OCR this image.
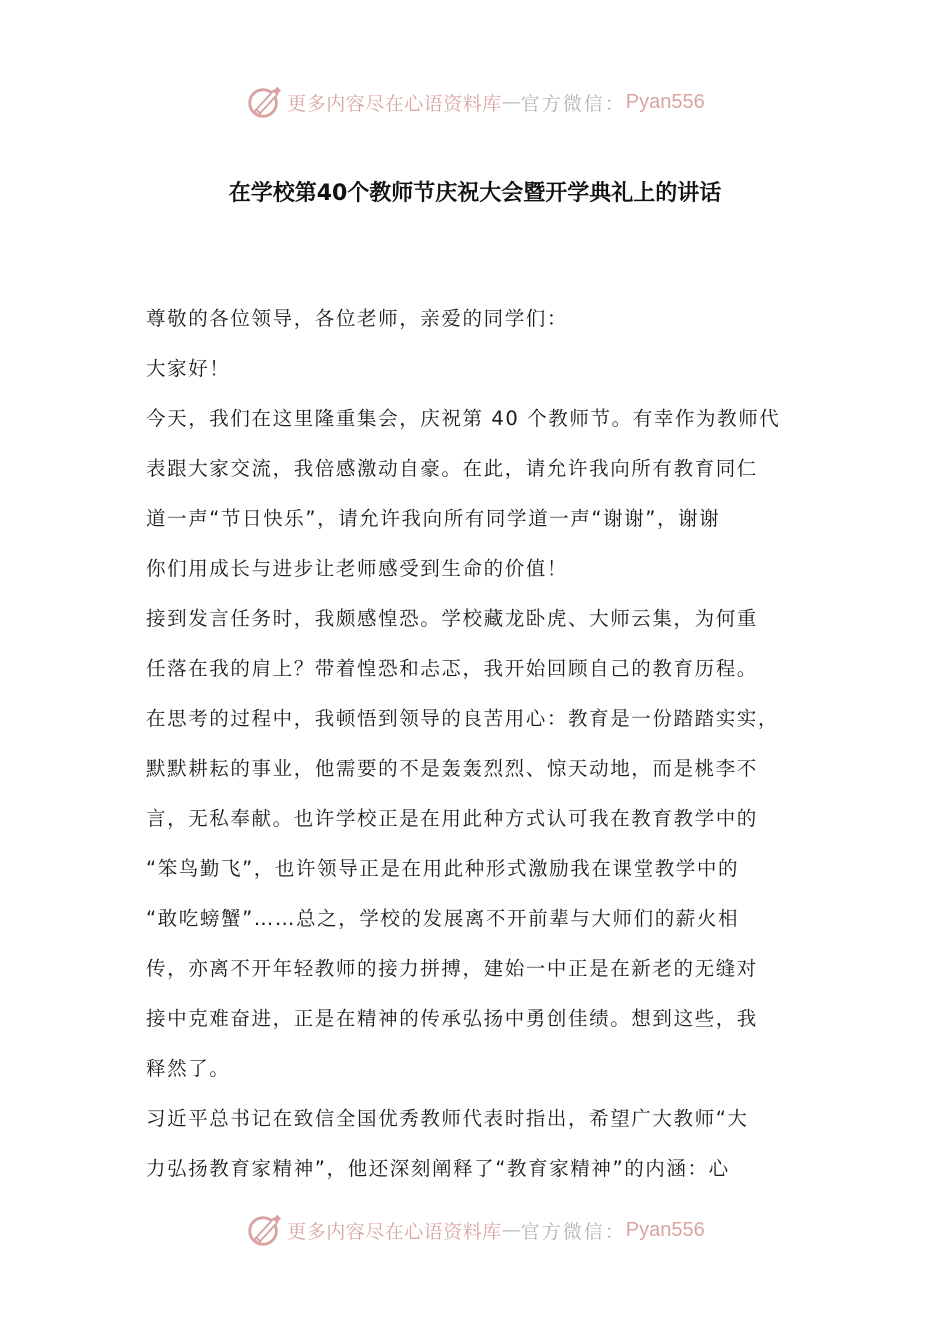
更多内容尽在心语资料库 — 官方微信： Pyan556
在学校第40个教师节庆祝大会暨开学典礼上的讲话
尊敬的各位领导，各位老师，亲爱的同学们：
大家好！
今天，我们在这里隆重集会，庆祝第 40 个教师节。有幸作为教师代
表跟大家交流，我倍感激动自豪。在此，请允许我向所有教育同仁
道一声“节日快乐”，请允许我向所有同学道一声“谢谢”，谢谢
你们用成长与进步让老师感受到生命的价值！
接到发言任务时，我颇感惶恐。学校藏龙卧虎、大师云集，为何重
任落在我的肩上？带着惶恐和忐忑，我开始回顾自己的教育历程。
在思考的过程中，我顿悟到领导的良苦用心：教育是一份踏踏实实，
默默耕耘的事业，他需要的不是轰轰烈烈、惊天动地，而是桃李不
言，无私奉献。也许学校正是在用此种方式认可我在教育教学中的
“笨鸟勤飞”，也许领导正是在用此种形式激励我在课堂教学中的
“敢吃螃蟹”……总之，学校的发展离不开前辈与大师们的薪火相
传，亦离不开年轻教师的接力拼搏，建始一中正是在新老的无缝对
接中克难奋进，正是在精神的传承弘扬中勇创佳绩。想到这些，我
释然了。
习近平总书记在致信全国优秀教师代表时指出，希望广大教师“大
力弘扬教育家精神”，他还深刻阐释了“教育家精神”的内涵：心
更多内容尽在心语资料库 — 官方微信： Pyan556
